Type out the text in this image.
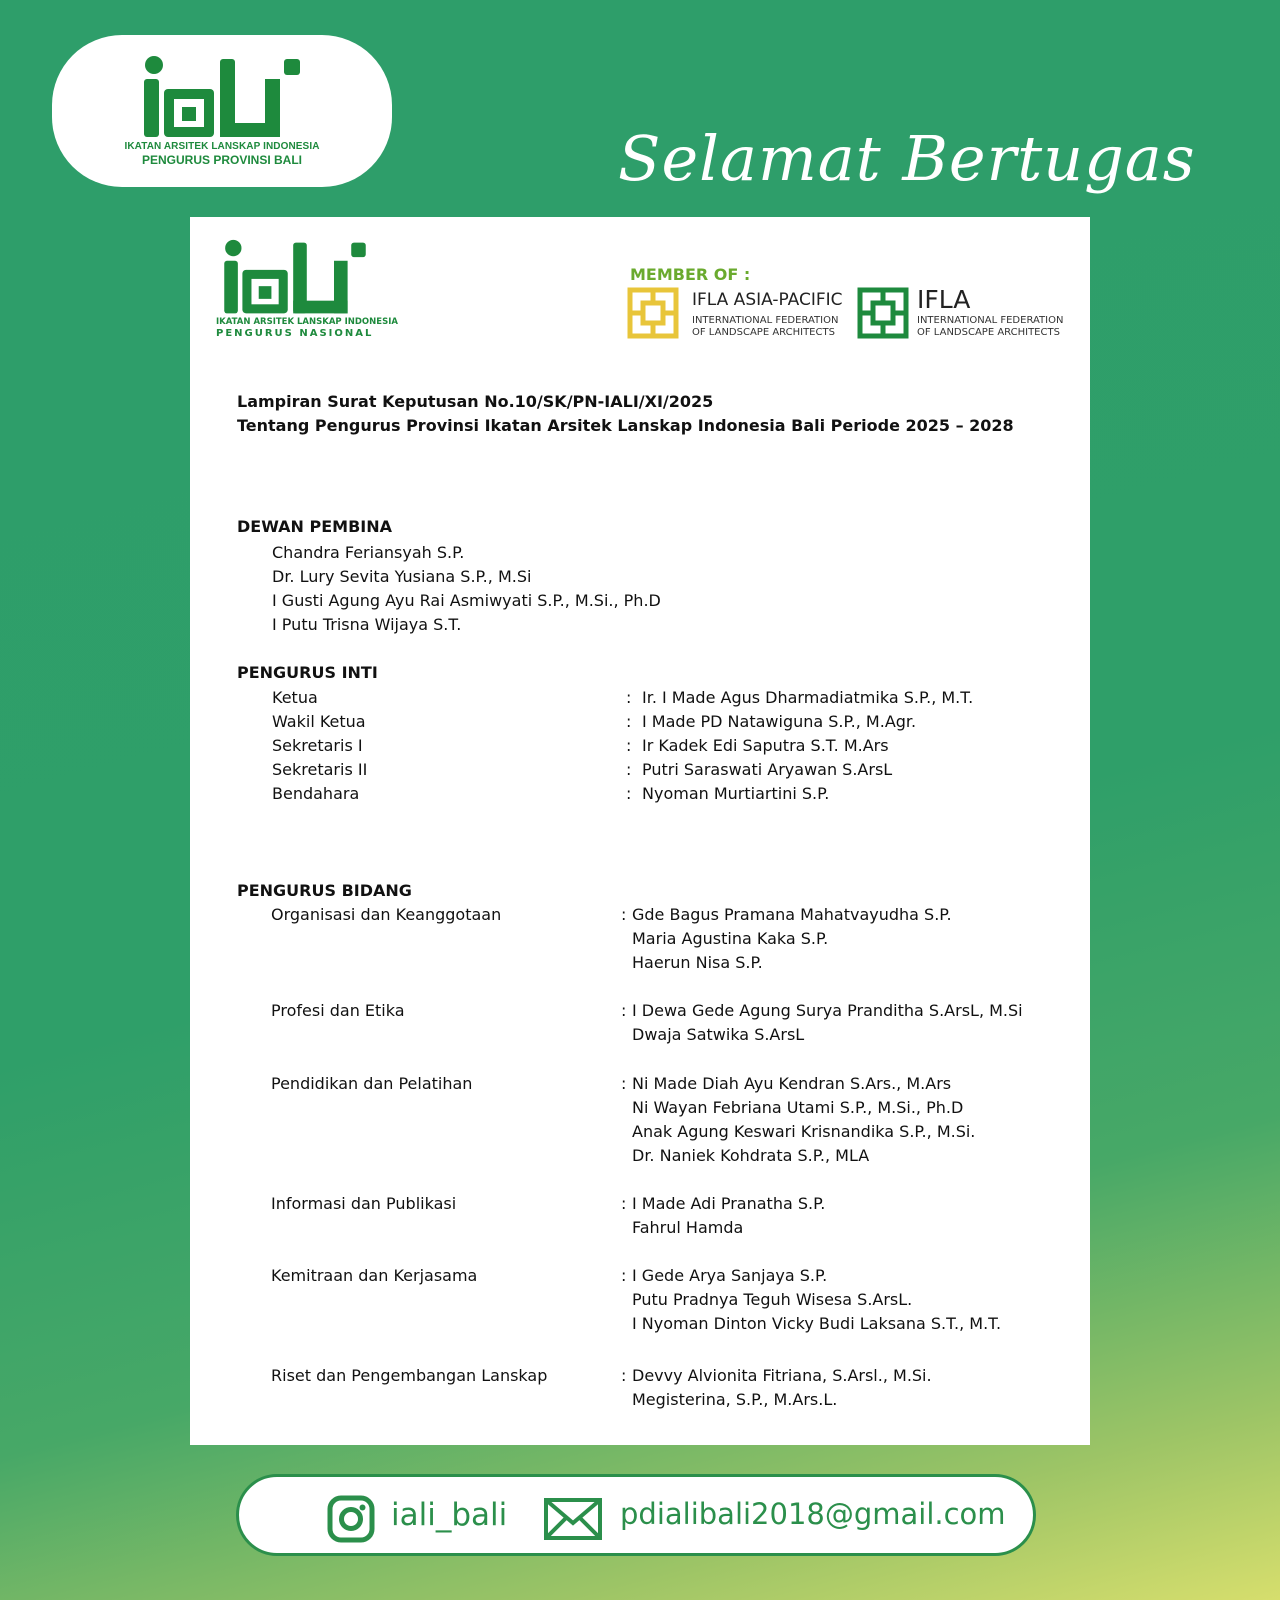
IKATAN ARSITEK LANSKAP INDONESIA
PENGURUS PROVINSI BALI	Selamat Bertugas
IKATAN ARSITEK LANSKAP INDONESIA
PENGURUS NASIONAL
MEMBER OF :
IFLA ASIA-PACIFIC
INTERNATIONAL FEDERATION
OF LANDSCAPE ARCHITECTS
IFLA
INTERNATIONAL FEDERATION
OF LANDSCAPE ARCHITECTS
Lampiran Surat Keputusan No.10/SK/PN-IALI/XI/2025
Tentang Pengurus Provinsi Ikatan Arsitek Lanskap Indonesia Bali Periode 2025 – 2028
DEWAN PEMBINA
Chandra Feriansyah S.P.
Dr. Lury Sevita Yusiana S.P., M.Si
I Gusti Agung Ayu Rai Asmiwyati S.P., M.Si., Ph.D
I Putu Trisna Wijaya S.T.
PENGURUS INTI
Ketua	: Ir. I Made Agus Dharmadiatmika S.P., M.T.
Wakil Ketua	: I Made PD Natawiguna S.P., M.Agr.
Sekretaris I	: Ir Kadek Edi Saputra S.T. M.Ars
Sekretaris II	: Putri Saraswati Aryawan S.ArsL
Bendahara	: Nyoman Murtiartini S.P.
PENGURUS BIDANG
Organisasi dan Keanggotaan	: Gde Bagus Pramana Mahatvayudha S.P.
Maria Agustina Kaka S.P.
Haerun Nisa S.P.
Profesi dan Etika	: I Dewa Gede Agung Surya Pranditha S.ArsL, M.Si
Dwaja Satwika S.ArsL
Pendidikan dan Pelatihan	: Ni Made Diah Ayu Kendran S.Ars., M.Ars
Ni Wayan Febriana Utami S.P., M.Si., Ph.D
Anak Agung Keswari Krisnandika S.P., M.Si.
Dr. Naniek Kohdrata S.P., MLA
Informasi dan Publikasi	: I Made Adi Pranatha S.P.
Fahrul Hamda
Kemitraan dan Kerjasama	: I Gede Arya Sanjaya S.P.
Putu Pradnya Teguh Wisesa S.ArsL.
I Nyoman Dinton Vicky Budi Laksana S.T., M.T.
Riset dan Pengembangan Lanskap	: Devvy Alvionita Fitriana, S.Arsl., M.Si.
Megisterina, S.P., M.Ars.L.
iali_bali	pdialibali2018@gmail.com
